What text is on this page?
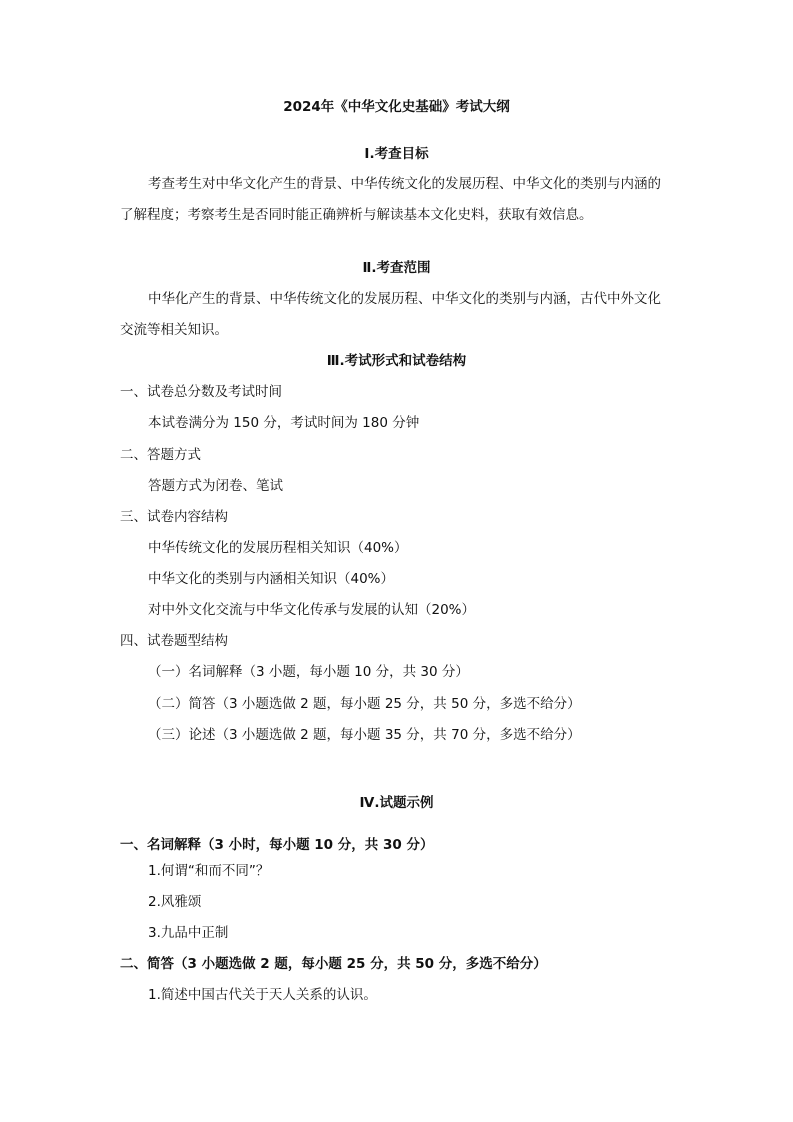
2024年《中华文化史基础》考试大纲
Ⅰ.考查目标
考查考生对中华文化产生的背景、中华传统文化的发展历程、中华文化的类别与内涵的
了解程度；考察考生是否同时能正确辨析与解读基本文化史料，获取有效信息。
Ⅱ.考查范围
中华化产生的背景、中华传统文化的发展历程、中华文化的类别与内涵，古代中外文化
交流等相关知识。
Ⅲ.考试形式和试卷结构
一、试卷总分数及考试时间
本试卷满分为 150 分，考试时间为 180 分钟
二、答题方式
答题方式为闭卷、笔试
三、试卷内容结构
中华传统文化的发展历程相关知识（40%）
中华文化的类别与内涵相关知识（40%）
对中外文化交流与中华文化传承与发展的认知（20%）
四、试卷题型结构
（一）名词解释（3 小题，每小题 10 分，共 30 分）
（二）简答（3 小题选做 2 题，每小题 25 分，共 50 分，多选不给分）
（三）论述（3 小题选做 2 题，每小题 35 分，共 70 分，多选不给分）
Ⅳ.试题示例
一、名词解释（3 小时，每小题 10 分，共 30 分）
1.何谓“和而不同”？
2.风雅颂
3.九品中正制
二、简答（3 小题选做 2 题，每小题 25 分，共 50 分，多选不给分）
1.简述中国古代关于天人关系的认识。
